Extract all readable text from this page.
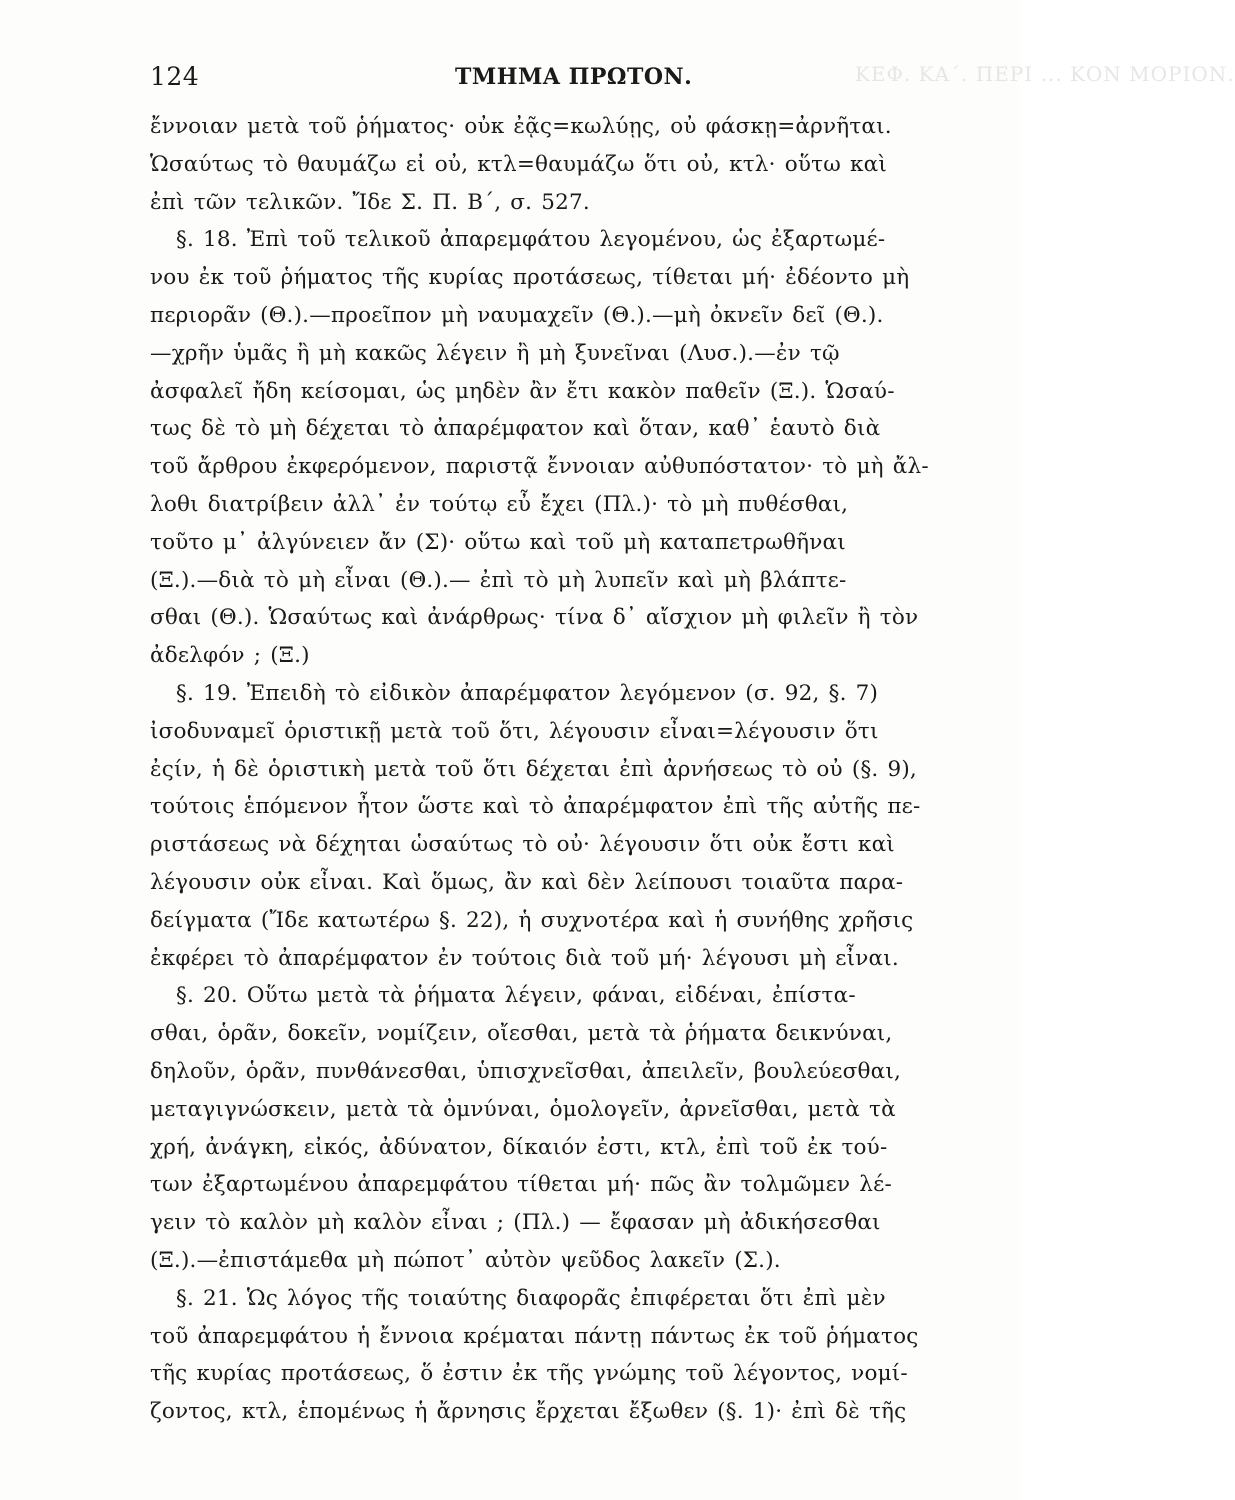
ΚΕΦ. ΚΑ΄. ΠΕΡΙ ... ΚΟΝ ΜΟΡΙΟΝ.
124	ΤΜΗΜΑ ΠΡΩΤΟΝ.
ἔννοιαν μετὰ τοῦ ῥήματος· οὐκ ἐᾷς=κωλύῃς, οὐ φάσκῃ=ἀρνῆται.
Ὡσαύτως τὸ θαυμάζω εἰ οὐ, κτλ=θαυμάζω ὅτι οὐ, κτλ· οὕτω καὶ
ἐπὶ τῶν τελικῶν. Ἴδε Σ. Π. Β΄, σ. 527.
§. 18. Ἐπὶ τοῦ τελικοῦ ἀπαρεμφάτου λεγομένου, ὡς ἐξαρτωμέ-
νου ἐκ τοῦ ῥήματος τῆς κυρίας προτάσεως, τίθεται μή· ἐδέοντο μὴ
περιορᾶν (Θ.).—προεῖπον μὴ ναυμαχεῖν (Θ.).—μὴ ὀκνεῖν δεῖ (Θ.).
—χρῆν ὑμᾶς ἢ μὴ κακῶς λέγειν ἢ μὴ ξυνεῖναι (Λυσ.).—ἐν τῷ
ἀσφαλεῖ ἤδη κείσομαι, ὡς μηδὲν ἂν ἔτι κακὸν παθεῖν (Ξ.). Ὡσαύ-
τως δὲ τὸ μὴ δέχεται τὸ ἀπαρέμφατον καὶ ὅταν, καθ᾿ ἑαυτὸ διὰ
τοῦ ἄρθρου ἐκφερόμενον, παριστᾷ ἔννοιαν αὐθυπόστατον· τὸ μὴ ἄλ-
λοθι διατρίβειν ἀλλ᾿ ἐν τούτῳ εὖ ἔχει (Πλ.)· τὸ μὴ πυθέσθαι,
τοῦτο μ᾿ ἀλγύνειεν ἄν (Σ)· οὕτω καὶ τοῦ μὴ καταπετρωθῆναι
(Ξ.).—διὰ τὸ μὴ εἶναι (Θ.).— ἐπὶ τὸ μὴ λυπεῖν καὶ μὴ βλάπτε-
σθαι (Θ.). Ὡσαύτως καὶ ἀνάρθρως· τίνα δ᾿ αἴσχιον μὴ φιλεῖν ἢ τὸν
ἀδελφόν ; (Ξ.)
§. 19. Ἐπειδὴ τὸ εἰδικὸν ἀπαρέμφατον λεγόμενον (σ. 92, §. 7)
ἰσοδυναμεῖ ὁριστικῇ μετὰ τοῦ ὅτι, λέγουσιν εἶναι=λέγουσιν ὅτι
ἐςίν, ἡ δὲ ὁριστικὴ μετὰ τοῦ ὅτι δέχεται ἐπὶ ἀρνήσεως τὸ οὐ (§. 9),
τούτοις ἑπόμενον ἦτον ὥστε καὶ τὸ ἀπαρέμφατον ἐπὶ τῆς αὐτῆς πε-
ριστάσεως νὰ δέχηται ὡσαύτως τὸ οὐ· λέγουσιν ὅτι οὐκ ἔστι καὶ
λέγουσιν οὐκ εἶναι. Καὶ ὅμως, ἂν καὶ δὲν λείπουσι τοιαῦτα παρα-
δείγματα (Ἴδε κατωτέρω §. 22), ἡ συχνοτέρα καὶ ἡ συνήθης χρῆσις
ἐκφέρει τὸ ἀπαρέμφατον ἐν τούτοις διὰ τοῦ μή· λέγουσι μὴ εἶναι.
§. 20. Οὕτω μετὰ τὰ ῥήματα λέγειν, φάναι, εἰδέναι, ἐπίστα-
σθαι, ὁρᾶν, δοκεῖν, νομίζειν, οἴεσθαι, μετὰ τὰ ῥήματα δεικνύναι,
δηλοῦν, ὁρᾶν, πυνθάνεσθαι, ὑπισχνεῖσθαι, ἀπειλεῖν, βουλεύεσθαι,
μεταγιγνώσκειν, μετὰ τὰ ὀμνύναι, ὁμολογεῖν, ἀρνεῖσθαι, μετὰ τὰ
χρή, ἀνάγκη, εἰκός, ἀδύνατον, δίκαιόν ἐστι, κτλ, ἐπὶ τοῦ ἐκ τού-
των ἐξαρτωμένου ἀπαρεμφάτου τίθεται μή· πῶς ἂν τολμῶμεν λέ-
γειν τὸ καλὸν μὴ καλὸν εἶναι ; (Πλ.) — ἔφασαν μὴ ἀδικήσεσθαι
(Ξ.).—ἐπιστάμεθα μὴ πώποτ᾿ αὐτὸν ψεῦδος λακεῖν (Σ.).
§. 21. Ὡς λόγος τῆς τοιαύτης διαφορᾶς ἐπιφέρεται ὅτι ἐπὶ μὲν
τοῦ ἀπαρεμφάτου ἡ ἔννοια κρέμαται πάντῃ πάντως ἐκ τοῦ ῥήματος
τῆς κυρίας προτάσεως, ὅ ἐστιν ἐκ τῆς γνώμης τοῦ λέγοντος, νομί-
ζοντος, κτλ, ἑπομένως ἡ ἄρνησις ἔρχεται ἔξωθεν (§. 1)· ἐπὶ δὲ τῆς
